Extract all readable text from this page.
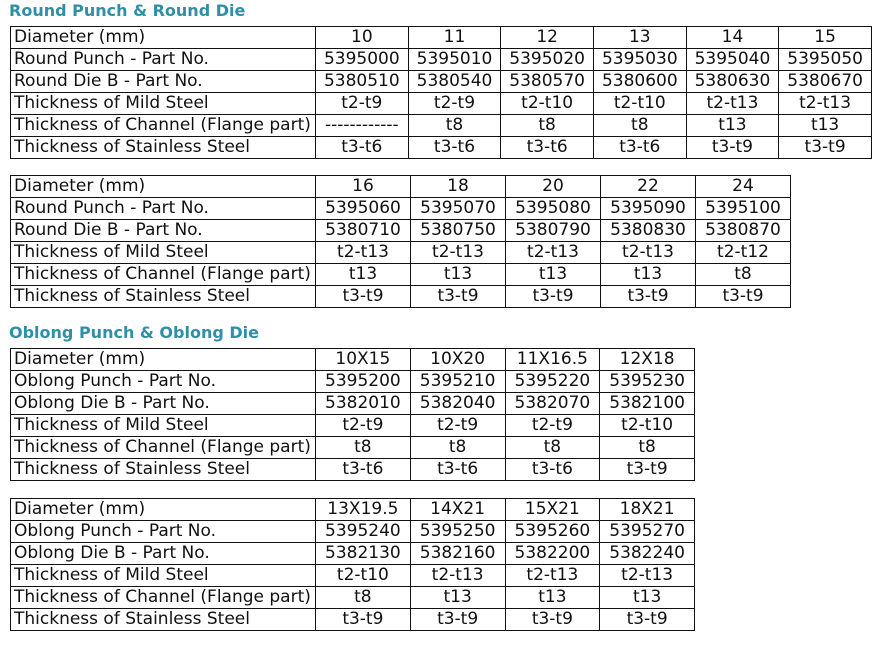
Round Punch & Round Die
Diameter (mm)	10	11	12	13	14	15
Round Punch - Part No.	5395000	5395010	5395020	5395030	5395040	5395050
Round Die B - Part No.	5380510	5380540	5380570	5380600	5380630	5380670
Thickness of Mild Steel	t2-t9	t2-t9	t2-t10	t2-t10	t2-t13	t2-t13
Thickness of Channel (Flange part)	------------	t8	t8	t8	t13	t13
Thickness of Stainless Steel	t3-t6	t3-t6	t3-t6	t3-t6	t3-t9	t3-t9
Diameter (mm)	16	18	20	22	24
Round Punch - Part No.	5395060	5395070	5395080	5395090	5395100
Round Die B - Part No.	5380710	5380750	5380790	5380830	5380870
Thickness of Mild Steel	t2-t13	t2-t13	t2-t13	t2-t13	t2-t12
Thickness of Channel (Flange part)	t13	t13	t13	t13	t8
Thickness of Stainless Steel	t3-t9	t3-t9	t3-t9	t3-t9	t3-t9
Oblong Punch & Oblong Die
Diameter (mm)	10X15	10X20	11X16.5	12X18
Oblong Punch - Part No.	5395200	5395210	5395220	5395230
Oblong Die B - Part No.	5382010	5382040	5382070	5382100
Thickness of Mild Steel	t2-t9	t2-t9	t2-t9	t2-t10
Thickness of Channel (Flange part)	t8	t8	t8	t8
Thickness of Stainless Steel	t3-t6	t3-t6	t3-t6	t3-t9
Diameter (mm)	13X19.5	14X21	15X21	18X21
Oblong Punch - Part No.	5395240	5395250	5395260	5395270
Oblong Die B - Part No.	5382130	5382160	5382200	5382240
Thickness of Mild Steel	t2-t10	t2-t13	t2-t13	t2-t13
Thickness of Channel (Flange part)	t8	t13	t13	t13
Thickness of Stainless Steel	t3-t9	t3-t9	t3-t9	t3-t9
